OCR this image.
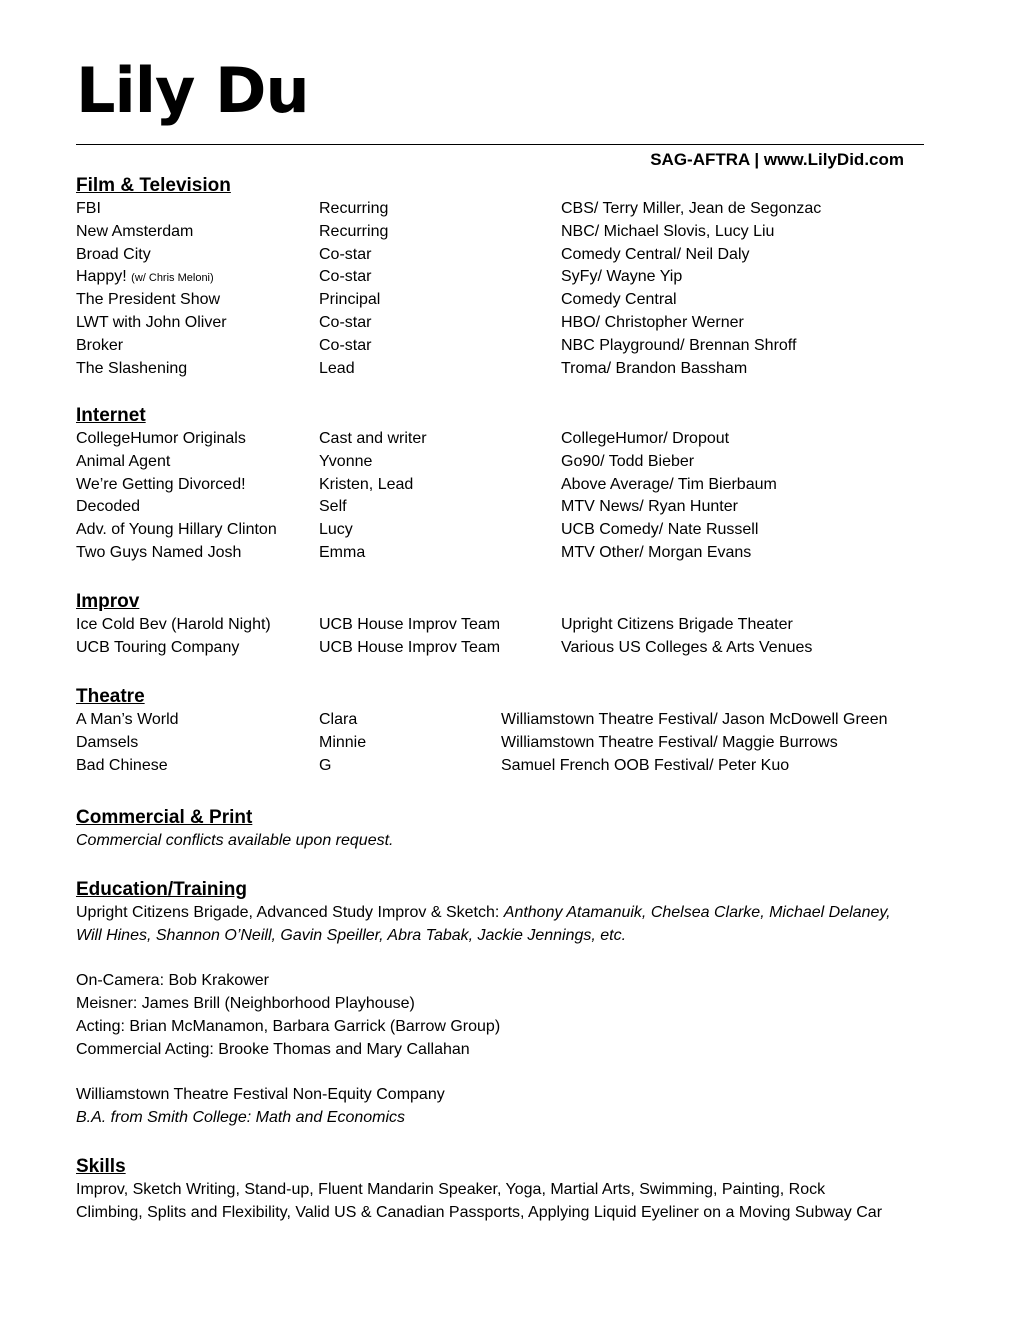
Lily Du
SAG-AFTRA | www.LilyDid.com
Film & Television
FBI	Recurring	CBS/ Terry Miller, Jean de Segonzac
New Amsterdam	Recurring	NBC/ Michael Slovis, Lucy Liu
Broad City	Co-star	Comedy Central/ Neil Daly
Happy! (w/ Chris Meloni)	Co-star	SyFy/ Wayne Yip
The President Show	Principal	Comedy Central
LWT with John Oliver	Co-star	HBO/ Christopher Werner
Broker	Co-star	NBC Playground/ Brennan Shroff
The Slashening	Lead	Troma/ Brandon Bassham
Internet
CollegeHumor Originals	Cast and writer	CollegeHumor/ Dropout
Animal Agent	Yvonne	Go90/ Todd Bieber
We’re Getting Divorced!	Kristen, Lead	Above Average/ Tim Bierbaum
Decoded	Self	MTV News/ Ryan Hunter
Adv. of Young Hillary Clinton	Lucy	UCB Comedy/ Nate Russell
Two Guys Named Josh	Emma	MTV Other/ Morgan Evans
Improv
Ice Cold Bev (Harold Night)	UCB House Improv Team	Upright Citizens Brigade Theater
UCB Touring Company	UCB House Improv Team	Various US Colleges & Arts Venues
Theatre
A Man’s World	Clara	Williamstown Theatre Festival/ Jason McDowell Green
Damsels	Minnie	Williamstown Theatre Festival/ Maggie Burrows
Bad Chinese	G	Samuel French OOB Festival/ Peter Kuo
Commercial & Print
Commercial conflicts available upon request.
Education/Training
Upright Citizens Brigade, Advanced Study Improv & Sketch: Anthony Atamanuik, Chelsea Clarke, Michael Delaney,
Will Hines, Shannon O’Neill, Gavin Speiller, Abra Tabak, Jackie Jennings, etc.
On-Camera: Bob Krakower
Meisner: James Brill (Neighborhood Playhouse)
Acting: Brian McManamon, Barbara Garrick (Barrow Group)
Commercial Acting: Brooke Thomas and Mary Callahan
Williamstown Theatre Festival Non-Equity Company
B.A. from Smith College: Math and Economics
Skills
Improv, Sketch Writing, Stand-up, Fluent Mandarin Speaker, Yoga, Martial Arts, Swimming, Painting, Rock
Climbing, Splits and Flexibility, Valid US & Canadian Passports, Applying Liquid Eyeliner on a Moving Subway Car
